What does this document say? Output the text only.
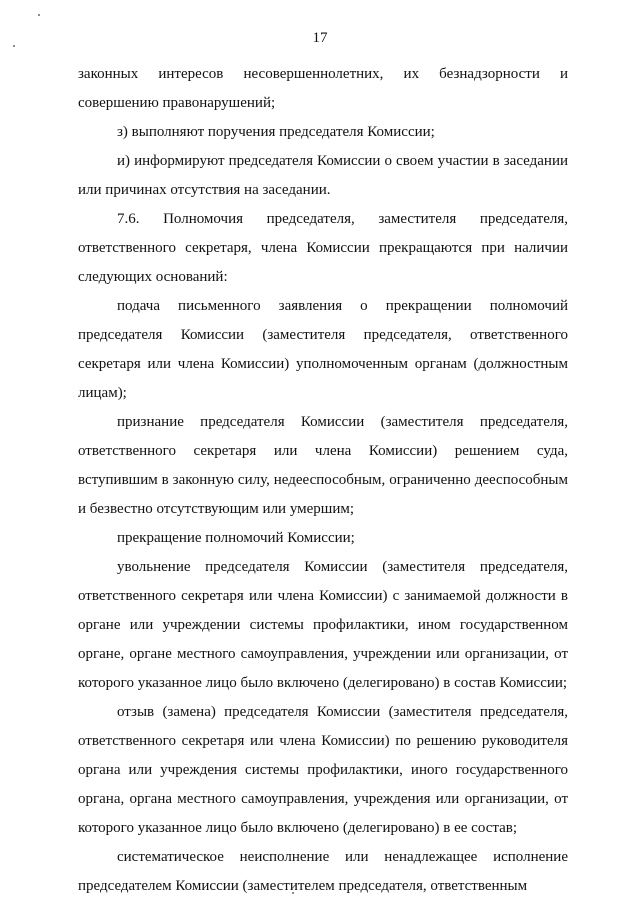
17

законных интересов несовершеннолетних, их безнадзорности и совершению правонарушений;

з) выполняют поручения председателя Комиссии;

и) информируют председателя Комиссии о своем участии в заседании или причинах отсутствия на заседании.

7.6. Полномочия председателя, заместителя председателя, ответственного секретаря, члена Комиссии прекращаются при наличии следующих оснований:

подача письменного заявления о прекращении полномочий председателя Комиссии (заместителя председателя, ответственного секретаря или члена Комиссии) уполномоченным органам (должностным лицам);

признание председателя Комиссии (заместителя председателя, ответственного секретаря или члена Комиссии) решением суда, вступившим в законную силу, недееспособным, ограниченно дееспособным и безвестно отсутствующим или умершим;

прекращение полномочий Комиссии;

увольнение председателя Комиссии (заместителя председателя, ответственного секретаря или члена Комиссии) с занимаемой должности в органе или учреждении системы профилактики, ином государственном органе, органе местного самоуправления, учреждении или организации, от которого указанное лицо было включено (делегировано) в состав Комиссии;

отзыв (замена) председателя Комиссии (заместителя председателя, ответственного секретаря или члена Комиссии) по решению руководителя органа или учреждения системы профилактики, иного государственного органа, органа местного самоуправления, учреждения или организации, от которого указанное лицо было включено (делегировано) в ее состав;

систематическое неисполнение или ненадлежащее исполнение председателем Комиссии (заместителем председателя, ответственным
